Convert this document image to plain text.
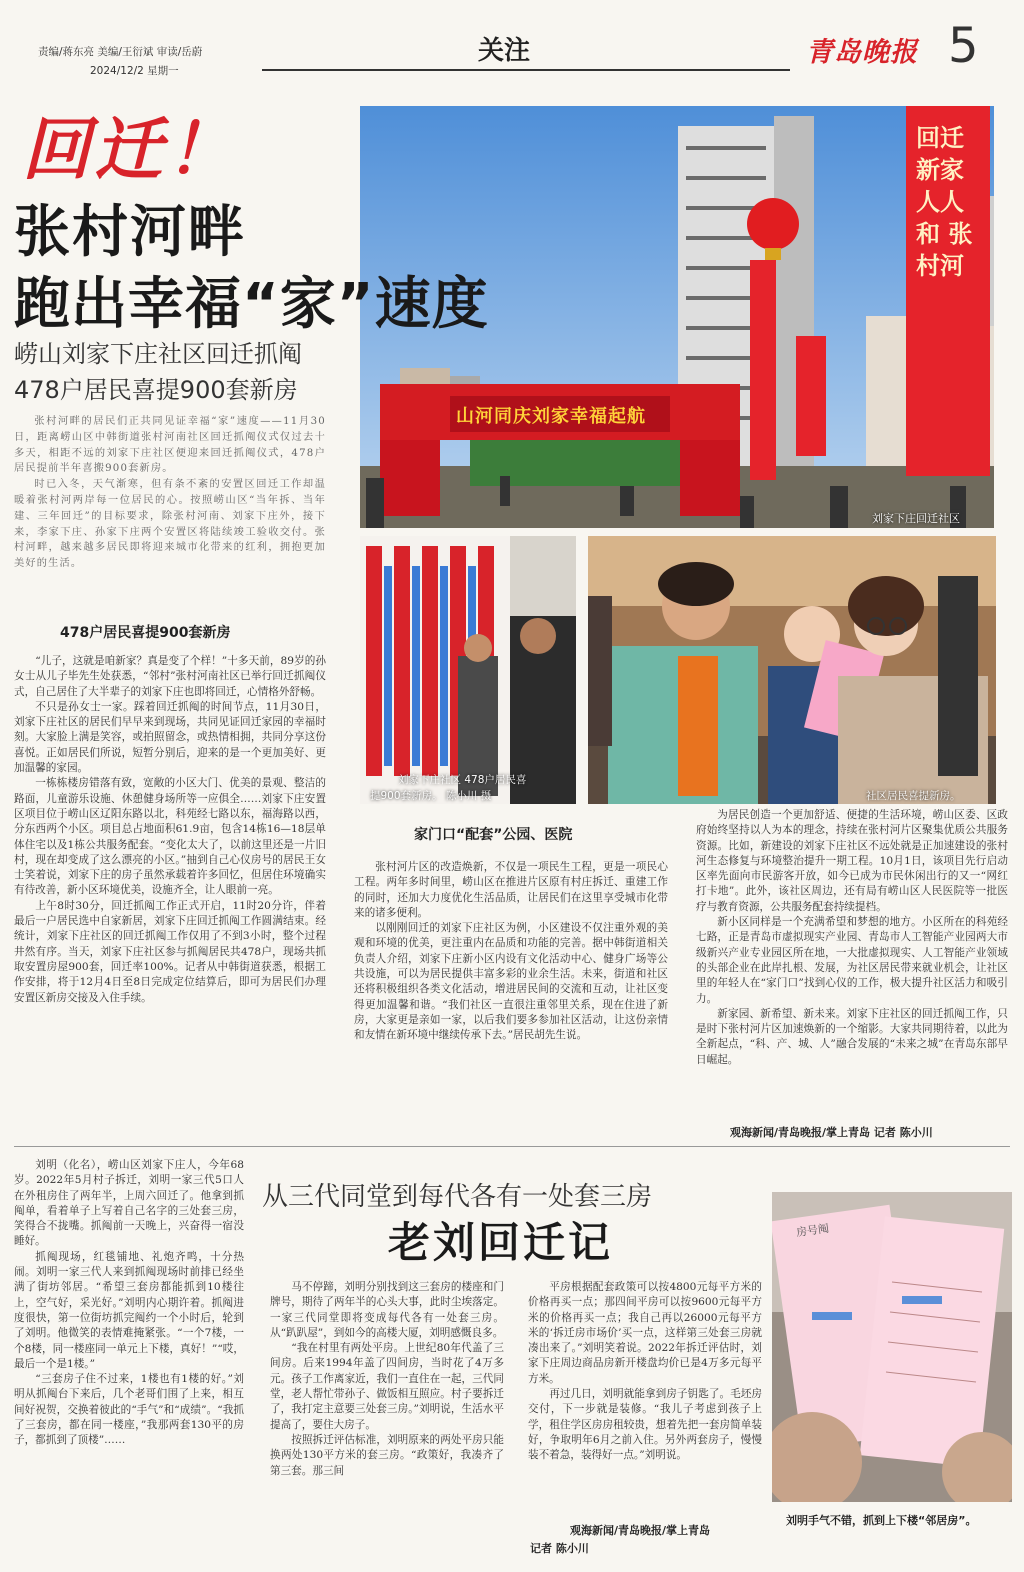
责编/蒋东亮 美编/王衍斌 审读/岳蔚
2024/12/2 星期一
关注	青岛晚报 5
回迁！
张村河畔
跑出幸福“家”速度
崂山刘家下庄社区回迁抓阄
478户居民喜提900套新房

张村河畔的居民们正共同见证幸福“家”速度——11月30日，距离崂山区中韩街道张村河南社区回迁抓阄仪式仅过去十多天，相距不远的刘家下庄社区便迎来回迁抓阄仪式，478户居民提前半年喜搬900套新房。

时已入冬，天气渐寒，但有条不紊的安置区回迁工作却温暖着张村河两岸每一位居民的心。按照崂山区“当年拆、当年建、三年回迁”的目标要求，除张村河南、刘家下庄外，接下来，李家下庄、孙家下庄两个安置区将陆续竣工验收交付。张村河畔，越来越多居民即将迎来城市化带来的红利，拥抱更加美好的生活。

478户居民喜提900套新房

“儿子，这就是咱新家？真是变了个样！”十多天前，89岁的孙女士从儿子毕先生处获悉，“邻村”张村河南社区已举行回迁抓阄仪式，自己居住了大半辈子的刘家下庄也即将回迁，心情格外舒畅。

不只是孙女士一家。踩着回迁抓阄的时间节点，11月30日，刘家下庄社区的居民们早早来到现场，共同见证回迁家园的幸福时刻。大家脸上满是笑容，或拍照留念，或热情相拥，共同分享这份喜悦。正如居民们所说，短暂分别后，迎来的是一个更加美好、更加温馨的家园。

一栋栋楼房错落有致，宽敞的小区大门、优美的景观、整洁的路面，儿童游乐设施、休憩健身场所等一应俱全……刘家下庄安置区项目位于崂山区辽阳东路以北，科苑经七路以东，福海路以西，分东西两个小区。项目总占地面积61.9亩，包含14栋16—18层单体住宅以及1栋公共服务配套。“变化太大了，以前这里还是一片旧村，现在却变成了这么漂亮的小区。”抽到自己心仪房号的居民王女士笑着说，刘家下庄的房子虽然承载着许多回忆，但居住环境确实有待改善，新小区环境优美，设施齐全，让人眼前一亮。

上午8时30分，回迁抓阄工作正式开启，11时20分许，伴着最后一户居民选中自家新居，刘家下庄回迁抓阄工作圆满结束。经统计，刘家下庄社区的回迁抓阄工作仅用了不到3小时，整个过程井然有序。当天，刘家下庄社区参与抓阄居民共478户，现场共抓取安置房屋900套，回迁率100%。记者从中韩街道获悉，根据工作安排，将于12月4日至8日完成定位结算后，即可为居民们办理安置区新房交接及入住手续。

山河同庆刘家幸福起航
回迁新家人人和 张村河
刘家下庄回迁社区
刘家下庄社区 478户居民喜
提900套新房。 陈小川 摄	社区居民喜提新房。
家门口“配套”公园、医院

张村河片区的改造焕新，不仅是一项民生工程，更是一项民心工程。两年多时间里，崂山区在推进片区原有村庄拆迁、重建工作的同时，还加大力度优化生活品质，让居民们在这里享受城市化带来的诸多便利。

以刚刚回迁的刘家下庄社区为例，小区建设不仅注重外观的美观和环境的优美，更注重内在品质和功能的完善。据中韩街道相关负责人介绍，刘家下庄新小区内设有文化活动中心、健身广场等公共设施，可以为居民提供丰富多彩的业余生活。未来，街道和社区还将积极组织各类文化活动，增进居民间的交流和互动，让社区变得更加温馨和谐。“我们社区一直很注重邻里关系，现在住进了新房，大家更是亲如一家，以后我们要多参加社区活动，让这份亲情和友情在新环境中继续传承下去。”居民胡先生说。

为居民创造一个更加舒适、便捷的生活环境，崂山区委、区政府始终坚持以人为本的理念，持续在张村河片区聚集优质公共服务资源。比如，新建设的刘家下庄社区不远处就是正加速建设的张村河生态修复与环境整治提升一期工程。10月1日，该项目先行启动区率先面向市民游客开放，如今已成为市民休闲出行的又一“网红打卡地”。此外，该社区周边，还有局有崂山区人民医院等一批医疗与教育资源，公共服务配套持续提档。

新小区同样是一个充满希望和梦想的地方。小区所在的科苑经七路，正是青岛市虚拟现实产业园、青岛市人工智能产业园两大市级新兴产业专业园区所在地，一大批虚拟现实、人工智能产业领域的头部企业在此岸扎根、发展，为社区居民带来就业机会，让社区里的年轻人在“家门口”找到心仪的工作，极大提升社区活力和吸引力。

新家园、新希望、新未来。刘家下庄社区的回迁抓阄工作，只是时下张村河片区加速焕新的一个缩影。大家共同期待着，以此为全新起点，“科、产、城、人”融合发展的“未来之城”在青岛东部早日崛起。

观海新闻/青岛晚报/掌上青岛 记者 陈小川

刘明（化名），崂山区刘家下庄人，今年68岁。2022年5月村子拆迁，刘明一家三代5口人在外租房住了两年半，上周六回迁了。他拿到抓阄单，看着单子上写着自己名字的三处套三房，笑得合不拢嘴。抓阄前一天晚上，兴奋得一宿没睡好。

抓阄现场，红毯铺地、礼炮齐鸣，十分热闹。刘明一家三代人来到抓阄现场时前排已经坐满了街坊邻居。“希望三套房都能抓到10楼往上，空气好，采光好。”刘明内心期许着。抓阄进度很快，第一位街坊抓完阄约一个小时后，轮到了刘明。他微笑的表情难掩紧张。“一个7楼，一个8楼，同一楼座同一单元上下楼，真好！”“哎，最后一个是1楼。”

“三套房子住不过来，1楼也有1楼的好。”刘明从抓阄台下来后，几个老哥们围了上来，相互间好祝贺，交换着彼此的“手气”和“成绩”。“我抓了三套房，都在同一楼座，”我那两套130平的房子，都抓到了顶楼”……

从三代同堂到每代各有一处套三房
老刘回迁记

马不停蹄，刘明分别找到这三套房的楼座和门牌号，期待了两年半的心头大事，此时尘埃落定。一家三代同堂即将变成每代各有一处套三房。从“趴趴屋”，到如今的高楼大厦，刘明感慨良多。

“我在村里有两处平房。上世纪80年代盖了三间房。后来1994年盖了四间房，当时花了4万多元。孩子工作离家近，我们一直住在一起，三代同堂，老人帮忙带孙子、做饭相互照应。村子要拆迁了，我打定主意要三处套三房。”刘明说，生活水平提高了，要住大房子。

按照拆迁评估标准，刘明原来的两处平房只能换两处130平方米的套三房。“政策好，我凑齐了第三套。那三间

平房根据配套政策可以按4800元每平方米的价格再买一点；那四间平房可以按9600元每平方米的价格再买一点；我自己再以26000元每平方米的‘拆迁房市场价’买一点，这样第三处套三房就凑出来了。”刘明笑着说。2022年拆迁评估时，刘家下庄周边商品房新开楼盘均价已是4万多元每平方米。

再过几日，刘明就能拿到房子钥匙了。毛坯房交付，下一步就是装修。“我儿子考虑到孩子上学，租住学区房房租较贵，想着先把一套房简单装好，争取明年6月之前入住。另外两套房子，慢慢装不着急，装得好一点。”刘明说。

观海新闻/青岛晚报/掌上青岛
记者 陈小川
房号阄
刘明手气不错，抓到上下楼“邻居房”。
